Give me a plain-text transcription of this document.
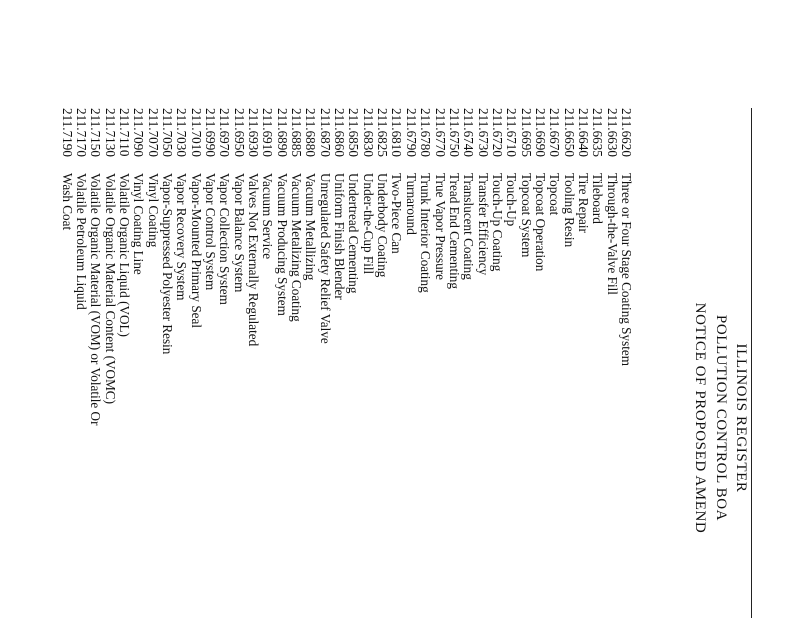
ILLINOIS REGISTER
POLLUTION CONTROL BOA
NOTICE OF PROPOSED AMEND
211.6620
Three or Four Stage Coating System
211.6630
Through-the-Valve Fill
211.6635
Tileboard
211.6640
Tire Repair
211.6650
Tooling Resin
211.6670
Topcoat
211.6690
Topcoat Operation
211.6695
Topcoat System
211.6710
Touch-Up
211.6720
Touch-Up Coating
211.6730
Transfer Efficiency
211.6740
Translucent Coating
211.6750
Tread End Cementing
211.6770
True Vapor Pressure
211.6780
Trunk Interior Coating
211.6790
Turnaround
211.6810
Two-Piece Can
211.6825
Underbody Coating
211.6830
Under-the-Cup Fill
211.6850
Undertread Cementing
211.6860
Uniform Finish Blender
211.6870
Unregulated Safety Relief Valve
211.6880
Vacuum Metallizing
211.6885
Vacuum Metalizing Coating
211.6890
Vacuum Producing System
211.6910
Vacuum Service
211.6930
Valves Not Externally Regulated
211.6950
Vapor Balance System
211.6970
Vapor Collection System
211.6990
Vapor Control System
211.7010
Vapor-Mounted Primary Seal
211.7030
Vapor Recovery System
211.7050
Vapor-Suppressed Polyester Resin
211.7070
Vinyl Coating
211.7090
Vinyl Coating Line
211.7110
Volatile Organic Liquid (VOL)
211.7130
Volatile Organic Material Content (VOMC)
211.7150
Volatile Organic Material (VOM) or Volatile Or
211.7170
Volatile Petroleum Liquid
211.7190
Wash Coat
